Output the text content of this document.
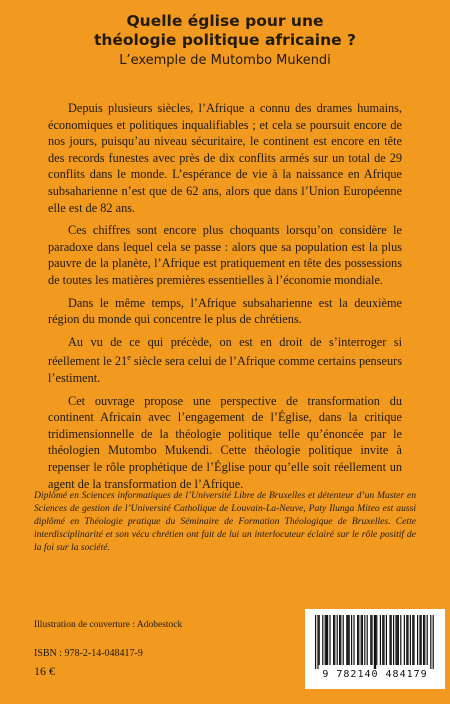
Quelle église pour une
théologie politique africaine ?

L’exemple de Mutombo Mukendi

Depuis plusieurs siècles, l’Afrique a connu des drames humains, économiques et politiques inqualifiables ; et cela se poursuit encore de nos jours, puisqu’au niveau sécuritaire, le continent est encore en tête des records funestes avec près de dix conflits armés sur un total de 29 conflits dans le monde. L’espérance de vie à la naissance en Afrique subsaharienne n’est que de 62 ans, alors que dans l’Union Européenne elle est de 82 ans.

Ces chiffres sont encore plus choquants lorsqu’on considère le paradoxe dans lequel cela se passe : alors que sa population est la plus pauvre de la planète, l’Afrique est pratiquement en tête des possessions de toutes les matières premières essentielles à l’économie mondiale.

Dans le même temps, l’Afrique subsaharienne est la deuxième région du monde qui concentre le plus de chrétiens.

Au vu de ce qui précède, on est en droit de s’interroger si réellement le 21e siècle sera celui de l’Afrique comme certains penseurs l’estiment.

Cet ouvrage propose une perspective de transformation du continent Africain avec l’engagement de l’Église, dans la critique tridimensionnelle de la théologie politique telle qu’énoncée par le théologien Mutombo Mukendi. Cette théologie politique invite à repenser le rôle prophétique de l’Église pour qu’elle soit réellement un agent de la transformation de l’Afrique.

Diplômé en Sciences informatiques de l’Université Libre de Bruxelles et détenteur d’un Master en Sciences de gestion de l’Université Catholique de Louvain-La-Neuve, Paty Ilunga Miteo est aussi diplômé en Théologie pratique du Séminaire de Formation Théologique de Bruxelles. Cette interdisciplinarité et son vécu chrétien ont fait de lui un interlocuteur éclairé sur le rôle positif de la foi sur la société.

Illustration de couverture : Adobestock
ISBN : 978-2-14-048417-9
16 €	9 782140 484179
